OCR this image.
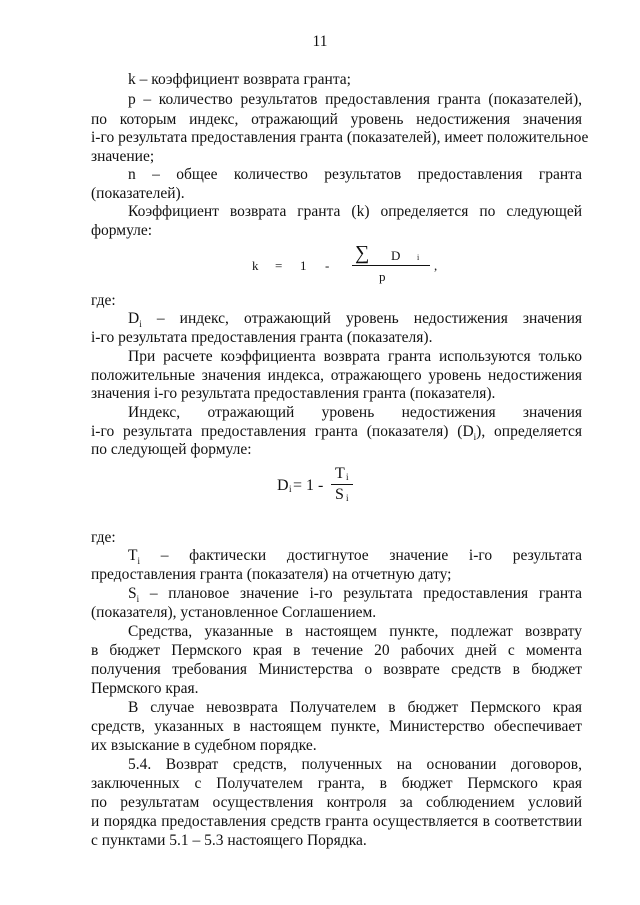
11
k – коэффициент возврата гранта;
р – количество результатов предоставления гранта (показателей),
по которым индекс, отражающий уровень недостижения значения
i-го результата предоставления гранта (показателей), имеет положительное
значение;
n – общее количество результатов предоставления гранта
(показателей).
Коэффициент возврата гранта (k) определяется по следующей
формуле:
k = 1 -
∑ D i
p
,
где:
$D_i$ – индекс, отражающий уровень недостижения значения
i-го результата предоставления гранта (показателя).
При расчете коэффициента возврата гранта используются только
положительные значения индекса, отражающего уровень недостижения
значения i-го результата предоставления гранта (показателя).
Индекс, отражающий уровень недостижения значения
i-го результата предоставления гранта (показателя) $(D_i)$, определяется
по следующей формуле:
D i = 1 -
T i
S i
где:
$T_i$ – фактически достигнутое значение i-го результата
предоставления гранта (показателя) на отчетную дату;
$S_i$ – плановое значение i-го результата предоставления гранта
(показателя), установленное Соглашением.
Средства, указанные в настоящем пункте, подлежат возврату
в бюджет Пермского края в течение 20 рабочих дней с момента
получения требования Министерства о возврате средств в бюджет
Пермского края.
В случае невозврата Получателем в бюджет Пермского края
средств, указанных в настоящем пункте, Министерство обеспечивает
их взыскание в судебном порядке.
5.4. Возврат средств, полученных на основании договоров,
заключенных с Получателем гранта, в бюджет Пермского края
по результатам осуществления контроля за соблюдением условий
и порядка предоставления средств гранта осуществляется в соответствии
с пунктами 5.1 – 5.3 настоящего Порядка.
